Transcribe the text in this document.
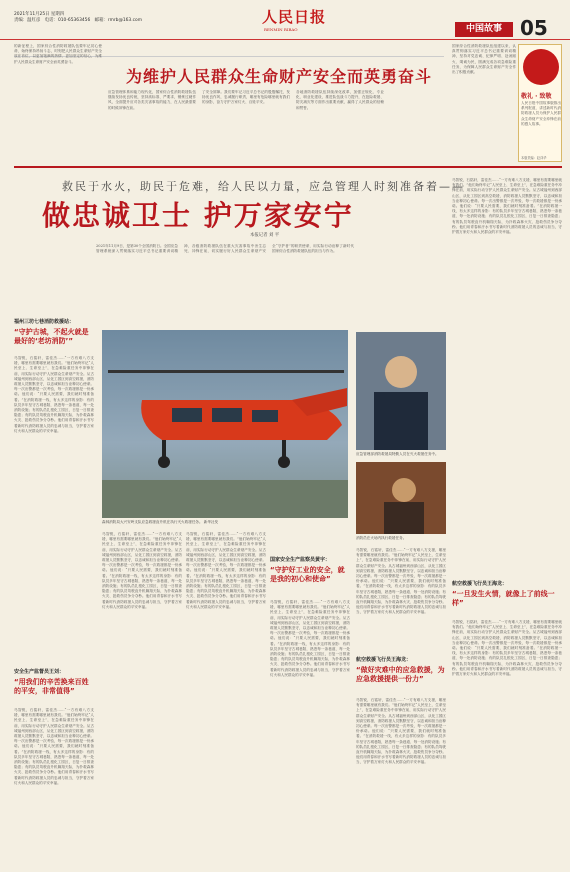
2021年11月25日 星期四
责编：温红彦　 电话：010-65363456　 邮箱：rmrb@163.com	人民日报
RENMIN RIBAO	中国故事 05
为维护人民群众生命财产安全而英勇奋斗
的新征程上，国家综合性消防救援队伍要牢记初心使命，始终保持昂扬斗志，时刻把人民群众生命财产安全放在首位，以更加饱满的热情、更加坚定的信心，为维护人民群众生命财产安全而英勇奋斗。
应急管理体系和能力现代化，国家综合性消防救援队伍继续发扬优良传统，坚持高标准、严要求，锤炼过硬作风，全面提升应对各类灾害事故的能力，在人民最需要的时候冲锋在前。
了安全屏障。我们要牢记习近平总书记的殷殷嘱托，发扬优良作风，忠诚履行职责，哪里有危险哪里就有我们的身影，奋力守护万家灯火、百姓平安。
各地消防救援队伍持续深化改革，加强正规化、专业化、职业化建设，推进队伍战斗力提升，在抢险救援、防灾减灾等方面作出重要贡献，赢得了人民群众的信赖和赞誉。
国家综合性消防救援队伍组建以来，认真贯彻落实习近平总书记重要训词精神，坚持对党忠诚、纪律严明、赴汤蹈火、竭诚为民，圆满完成各项急难险重任务，为保障人民群众生命财产安全作出了积极贡献。
敬礼 · 致敬
人民日报中国故事版推出系列报道，讲述新时代消防救援人员为保护人民群众生命财产安全冲锋在前的感人故事。
本版责编：赵泽华
救民于水火，助民于危难，给人民以力量，应急管理人时刻准备着——
做忠诚卫士 护万家安宁
本报记者 刘 平
2021年11月9日，是第30个全国消防日。全国应急管理系统深入贯彻落实习近平总书记重要训词精神，各级消防救援队伍在重大灾害事故中舍生忘死、冲锋在前，切实履行好人民群众生命财产安全“守护者”的职责使命，用实际行动诠释了新时代国家综合性消防救援队伍的担当与作为。
福州三坊七巷消防救援站：
“守护古城，不起火就是最好的‘老坊消防’”
马智锐，石铭轩，雷佳杰……“一方有难八方支援，哪里有需要哪里就有我们。”他们始终牢记“人民至上、生命至上”，在急难险重任务中冲锋在前，用实际行动守护人民群众生命财产安全。从古城福州到西部山区，从化工园区到高空救援，消防救援人员默默坚守，以忠诚和担当诠释初心使命。每一次出警都是一次考验，每一次救援都是一份承诺。他们说：“只要人民需要，我们就时刻准备着。”在消防救援一线，有太多这样的身影：有的队员多年坚守古城巷陌，熟悉每一条巷道、每一处消防设施；有的队员扎根化工园区，日复一日排查隐患；有的队员驾驶直升机翱翔天际，为扑救森林火灾、抢救伤员争分夺秒。他们用青春和汗水书写着新时代消防救援人员的忠诚与担当，守护着万家灯火和人民群众的平安幸福。
安全生产监督员王刘：
“用我们的辛苦换来百姓的平安，非常值得”
马智锐，石铭轩，雷佳杰……“一方有难八方支援，哪里有需要哪里就有我们。”他们始终牢记“人民至上、生命至上”，在急难险重任务中冲锋在前，用实际行动守护人民群众生命财产安全。从古城福州到西部山区，从化工园区到高空救援，消防救援人员默默坚守，以忠诚和担当诠释初心使命。每一次出警都是一次考验，每一次救援都是一份承诺。他们说：“只要人民需要，我们就时刻准备着。”在消防救援一线，有太多这样的身影：有的队员多年坚守古城巷陌，熟悉每一条巷道、每一处消防设施；有的队员扎根化工园区，日复一日排查隐患；有的队员驾驶直升机翱翔天际，为扑救森林火灾、抢救伤员争分夺秒。他们用青春和汗水书写着新时代消防救援人员的忠诚与担当，守护着万家灯火和人民群众的平安幸福。
森林消防局大兴安岭支队应急救援直升机在执行灭火救援任务。 新华社发
马智锐，石铭轩，雷佳杰……“一方有难八方支援，哪里有需要哪里就有我们。”他们始终牢记“人民至上、生命至上”，在急难险重任务中冲锋在前，用实际行动守护人民群众生命财产安全。从古城福州到西部山区，从化工园区到高空救援，消防救援人员默默坚守，以忠诚和担当诠释初心使命。每一次出警都是一次考验，每一次救援都是一份承诺。他们说：“只要人民需要，我们就时刻准备着。”在消防救援一线，有太多这样的身影：有的队员多年坚守古城巷陌，熟悉每一条巷道、每一处消防设施；有的队员扎根化工园区，日复一日排查隐患；有的队员驾驶直升机翱翔天际，为扑救森林火灾、抢救伤员争分夺秒。他们用青春和汗水书写着新时代消防救援人员的忠诚与担当，守护着万家灯火和人民群众的平安幸福。
马智锐，石铭轩，雷佳杰……“一方有难八方支援，哪里有需要哪里就有我们。”他们始终牢记“人民至上、生命至上”，在急难险重任务中冲锋在前，用实际行动守护人民群众生命财产安全。从古城福州到西部山区，从化工园区到高空救援，消防救援人员默默坚守，以忠诚和担当诠释初心使命。每一次出警都是一次考验，每一次救援都是一份承诺。他们说：“只要人民需要，我们就时刻准备着。”在消防救援一线，有太多这样的身影：有的队员多年坚守古城巷陌，熟悉每一条巷道、每一处消防设施；有的队员扎根化工园区，日复一日排查隐患；有的队员驾驶直升机翱翔天际，为扑救森林火灾、抢救伤员争分夺秒。他们用青春和汗水书写着新时代消防救援人员的忠诚与担当，守护着万家灯火和人民群众的平安幸福。
国家安全生产监察员黄宇：
“守护好工业的安全，就是我的初心和使命”
马智锐，石铭轩，雷佳杰……“一方有难八方支援，哪里有需要哪里就有我们。”他们始终牢记“人民至上、生命至上”，在急难险重任务中冲锋在前，用实际行动守护人民群众生命财产安全。从古城福州到西部山区，从化工园区到高空救援，消防救援人员默默坚守，以忠诚和担当诠释初心使命。每一次出警都是一次考验，每一次救援都是一份承诺。他们说：“只要人民需要，我们就时刻准备着。”在消防救援一线，有太多这样的身影：有的队员多年坚守古城巷陌，熟悉每一条巷道、每一处消防设施；有的队员扎根化工园区，日复一日排查隐患；有的队员驾驶直升机翱翔天际，为扑救森林火灾、抢救伤员争分夺秒。他们用青春和汗水书写着新时代消防救援人员的忠诚与担当，守护着万家灯火和人民群众的平安幸福。
应急管理部消防救援局特勤人员在灭火救援任务中。
消防员在火场内执行救援任务。
马智锐，石铭轩，雷佳杰……“一方有难八方支援，哪里有需要哪里就有我们。”他们始终牢记“人民至上、生命至上”，在急难险重任务中冲锋在前，用实际行动守护人民群众生命财产安全。从古城福州到西部山区，从化工园区到高空救援，消防救援人员默默坚守，以忠诚和担当诠释初心使命。每一次出警都是一次考验，每一次救援都是一份承诺。他们说：“只要人民需要，我们就时刻准备着。”在消防救援一线，有太多这样的身影：有的队员多年坚守古城巷陌，熟悉每一条巷道、每一处消防设施；有的队员扎根化工园区，日复一日排查隐患；有的队员驾驶直升机翱翔天际，为扑救森林火灾、抢救伤员争分夺秒。他们用青春和汗水书写着新时代消防救援人员的忠诚与担当，守护着万家灯火和人民群众的平安幸福。
航空救援飞行员王海龙：
“做好灾难中的应急救援，为应急救援提供一份力”
马智锐，石铭轩，雷佳杰……“一方有难八方支援，哪里有需要哪里就有我们。”他们始终牢记“人民至上、生命至上”，在急难险重任务中冲锋在前，用实际行动守护人民群众生命财产安全。从古城福州到西部山区，从化工园区到高空救援，消防救援人员默默坚守，以忠诚和担当诠释初心使命。每一次出警都是一次考验，每一次救援都是一份承诺。他们说：“只要人民需要，我们就时刻准备着。”在消防救援一线，有太多这样的身影：有的队员多年坚守古城巷陌，熟悉每一条巷道、每一处消防设施；有的队员扎根化工园区，日复一日排查隐患；有的队员驾驶直升机翱翔天际，为扑救森林火灾、抢救伤员争分夺秒。他们用青春和汗水书写着新时代消防救援人员的忠诚与担当，守护着万家灯火和人民群众的平安幸福。
马智锐，石铭轩，雷佳杰……“一方有难八方支援，哪里有需要哪里就有我们。”他们始终牢记“人民至上、生命至上”，在急难险重任务中冲锋在前，用实际行动守护人民群众生命财产安全。从古城福州到西部山区，从化工园区到高空救援，消防救援人员默默坚守，以忠诚和担当诠释初心使命。每一次出警都是一次考验，每一次救援都是一份承诺。他们说：“只要人民需要，我们就时刻准备着。”在消防救援一线，有太多这样的身影：有的队员多年坚守古城巷陌，熟悉每一条巷道、每一处消防设施；有的队员扎根化工园区，日复一日排查隐患；有的队员驾驶直升机翱翔天际，为扑救森林火灾、抢救伤员争分夺秒。他们用青春和汗水书写着新时代消防救援人员的忠诚与担当，守护着万家灯火和人民群众的平安幸福。
航空救援飞行员王海龙：
“一旦发生火情，就像上了前线一样”
马智锐，石铭轩，雷佳杰……“一方有难八方支援，哪里有需要哪里就有我们。”他们始终牢记“人民至上、生命至上”，在急难险重任务中冲锋在前，用实际行动守护人民群众生命财产安全。从古城福州到西部山区，从化工园区到高空救援，消防救援人员默默坚守，以忠诚和担当诠释初心使命。每一次出警都是一次考验，每一次救援都是一份承诺。他们说：“只要人民需要，我们就时刻准备着。”在消防救援一线，有太多这样的身影：有的队员多年坚守古城巷陌，熟悉每一条巷道、每一处消防设施；有的队员扎根化工园区，日复一日排查隐患；有的队员驾驶直升机翱翔天际，为扑救森林火灾、抢救伤员争分夺秒。他们用青春和汗水书写着新时代消防救援人员的忠诚与担当，守护着万家灯火和人民群众的平安幸福。
